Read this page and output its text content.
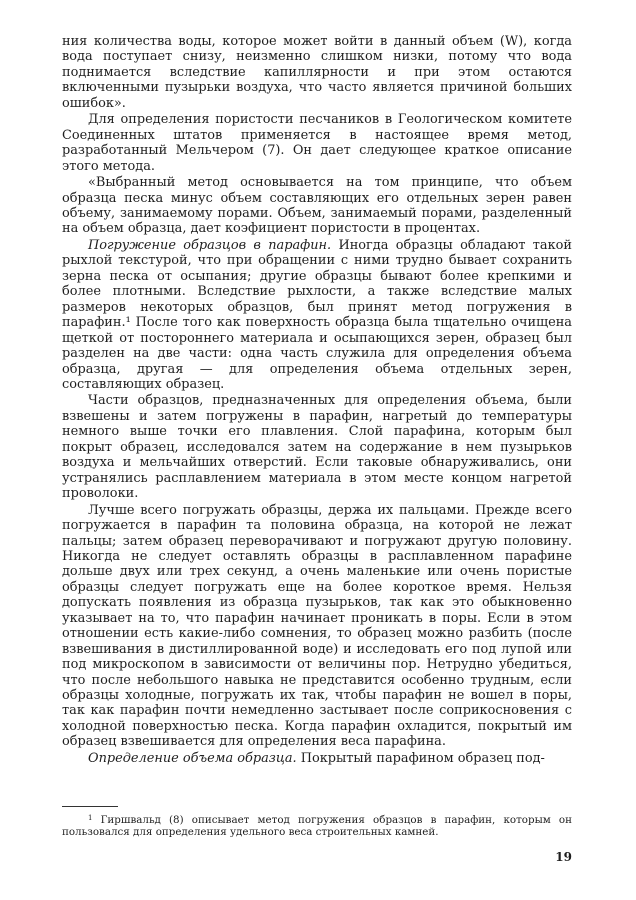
ния количества воды, которое может войти в данный объем (W), когда вода поступает снизу, неизменно слишком низки, потому что вода поднимается вследствие капиллярности и при этом остаются включенными пузырьки воздуха, что часто является причиной больших ошибок».

Для определения пористости песчаников в Геологическом комитете Соединенных штатов применяется в настоящее время метод, разработанный Мельчером (7). Он дает следующее краткое описание этого метода.

«Выбранный метод основывается на том принципе, что объем образца песка минус объем составляющих его отдельных зерен равен объему, занимаемому порами. Объем, занимаемый порами, разделенный на объем образца, дает коэфициент пористости в процентах.

Погружение образцов в парафин. Иногда образцы обладают такой рыхлой текстурой, что при обращении с ними трудно бывает сохранить зерна песка от осыпания; другие образцы бывают более крепкими и более плотными. Вследствие рыхлости, а также вследствие малых размеров некоторых образцов, был принят метод погружения в парафин.¹ После того как поверхность образца была тщательно очищена щеткой от постороннего материала и осыпающихся зерен, образец был разделен на две части: одна часть служила для определения объема образца, другая — для определения объема отдельных зерен, составляющих образец.

Части образцов, предназначенных для определения объема, были взвешены и затем погружены в парафин, нагретый до температуры немного выше точки его плавления. Слой парафина, которым был покрыт образец, исследовался затем на содержание в нем пузырьков воздуха и мельчайших отверстий. Если таковые обнаруживались, они устранялись расплавлением материала в этом месте концом нагретой проволоки.

Лучше всего погружать образцы, держа их пальцами. Прежде всего погружается в парафин та половина образца, на которой не лежат пальцы; затем образец переворачивают и погружают другую половину. Никогда не следует оставлять образцы в расплавленном парафине дольше двух или трех секунд, а очень маленькие или очень пористые образцы следует погружать еще на более короткое время. Нельзя допускать появления из образца пузырьков, так как это обыкновенно указывает на то, что парафин начинает проникать в поры. Если в этом отношении есть какие-либо сомнения, то образец можно разбить (после взвешивания в дистиллированной воде) и исследовать его под лупой или под микроскопом в зависимости от величины пор. Нетрудно убедиться, что после небольшого навыка не представится особенно трудным, если образцы холодные, погружать их так, чтобы парафин не вошел в поры, так как парафин почти немедленно застывает после соприкосновения с холодной поверхностью песка. Когда парафин охладится, покрытый им образец взвешивается для определения веса парафина.

Определение объема образца. Покрытый парафином образец под-

$^1$ Гиршвальд (8) описывает метод погружения образцов в парафин, которым он пользовался для определения удельного веса строительных камней.

19
